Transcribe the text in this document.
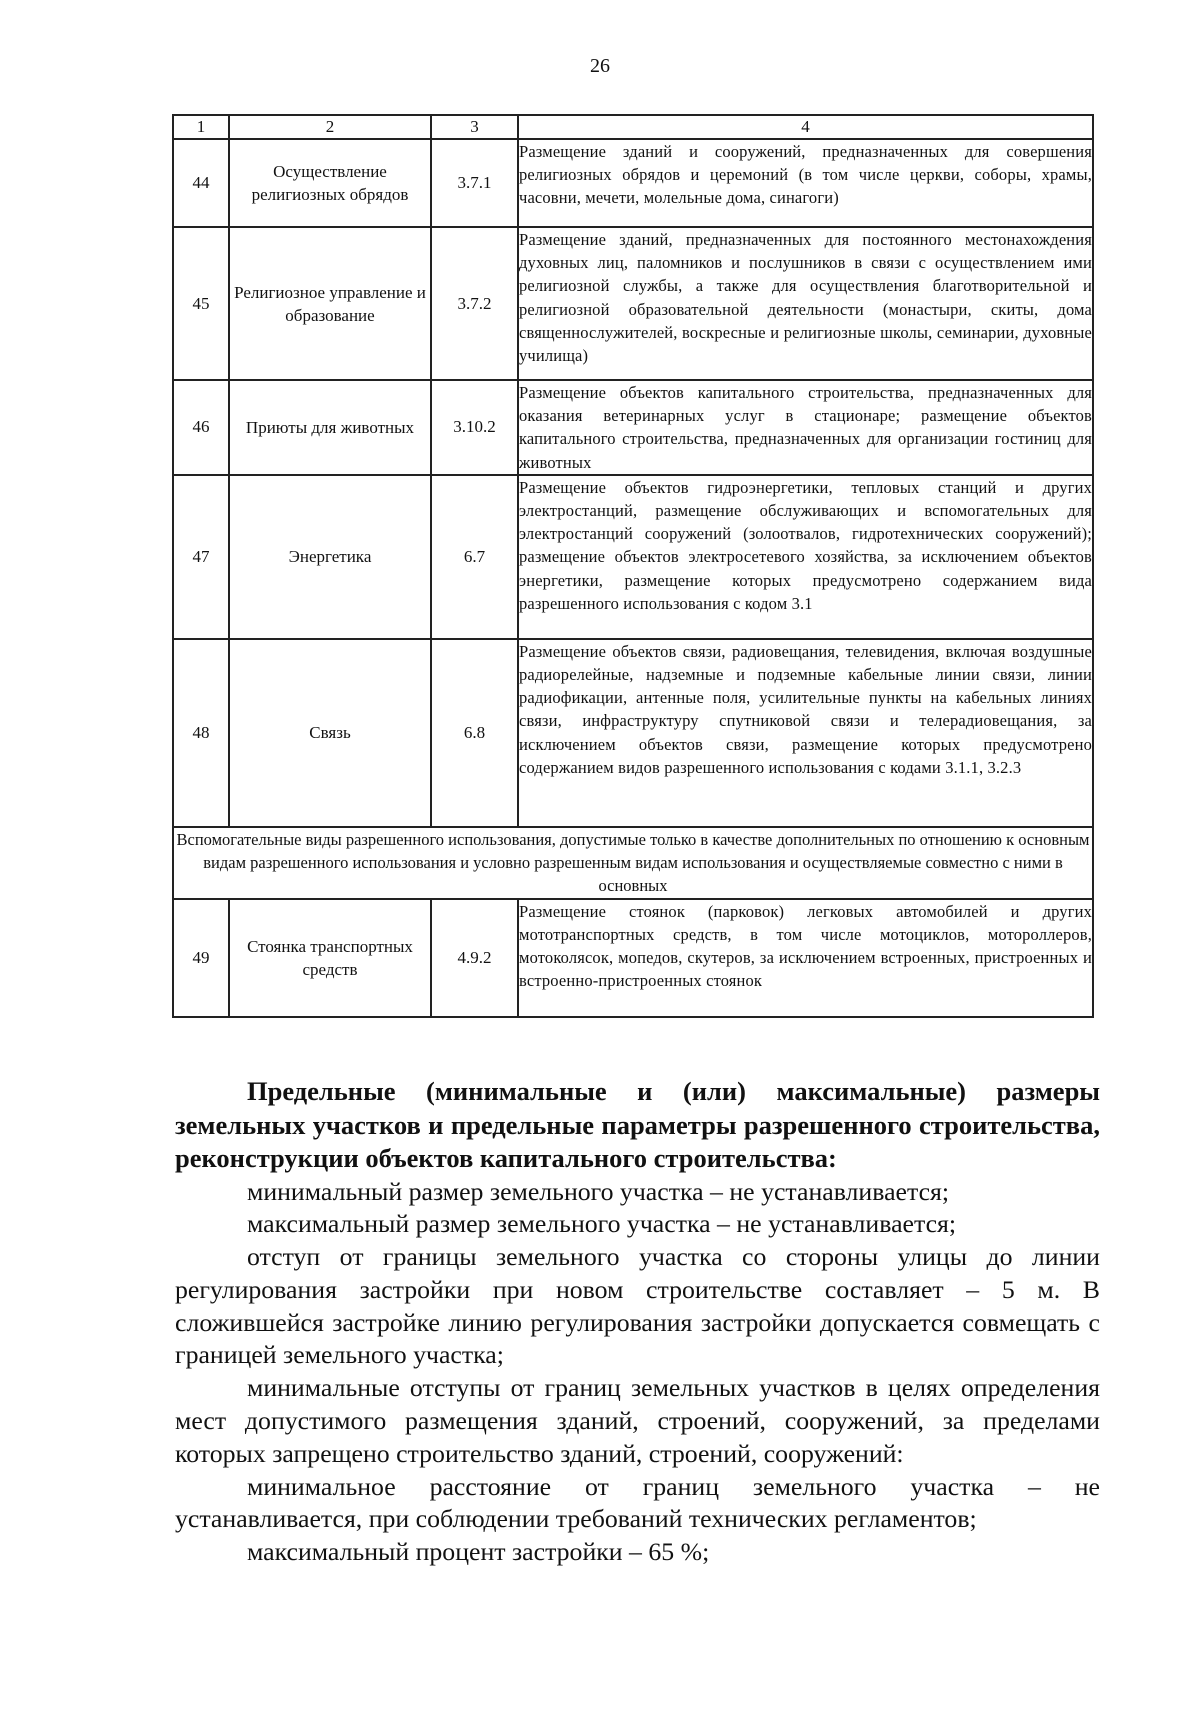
26
1	2	3	4
44	Осуществление религиозных обрядов	3.7.1	Размещение зданий и сооружений, предназначенных для совершения религиозных обрядов и церемоний (в том числе церкви, соборы, храмы, часовни, мечети, молельные дома, синагоги)
45	Религиозное управление и образование	3.7.2	Размещение зданий, предназначенных для постоянного местонахождения духовных лиц, паломников и послушников в связи с осуществлением ими религиозной службы, а также для осуществления благотворительной и религиозной образовательной деятельности (монастыри, скиты, дома священнослужителей, воскресные и религиозные школы, семинарии, духовные училища)
46	Приюты для животных	3.10.2	Размещение объектов капитального строительства, предназначенных для оказания ветеринарных услуг в стационаре; размещение объектов капитального строительства, предназначенных для организации гостиниц для животных
47	Энергетика	6.7	Размещение объектов гидроэнергетики, тепловых станций и других электростанций, размещение обслуживающих и вспомогательных для электростанций сооружений (золоотвалов, гидротехнических сооружений); размещение объектов электросетевого хозяйства, за исключением объектов энергетики, размещение которых предусмотрено содержанием вида разрешенного использования с кодом 3.1
48	Связь	6.8	Размещение объектов связи, радиовещания, телевидения, включая воздушные радиорелейные, надземные и подземные кабельные линии связи, линии радиофикации, антенные поля, усилительные пункты на кабельных линиях связи, инфраструктуру спутниковой связи и телерадиовещания, за исключением объектов связи, размещение которых предусмотрено содержанием видов разрешенного использования с кодами 3.1.1, 3.2.3
Вспомогательные виды разрешенного использования, допустимые только в качестве дополнительных по отношению к основным видам разрешенного использования и условно разрешенным видам использования и осуществляемые совместно с ними в основных			
49	Стоянка транспортных средств	4.9.2	Размещение стоянок (парковок) легковых автомобилей и других мототранспортных средств, в том числе мотоциклов, мотороллеров, мотоколясок, мопедов, скутеров, за исключением встроенных, пристроенных и встроенно-пристроенных стоянок

Предельные (минимальные и (или) максимальные) размеры земельных участков и предельные параметры разрешенного строительства, реконструкции объектов капитального строительства:

минимальный размер земельного участка – не устанавливается;

максимальный размер земельного участка – не устанавливается;

отступ от границы земельного участка со стороны улицы до линии регулирования застройки при новом строительстве составляет – 5 м. В сложившейся застройке линию регулирования застройки допускается совмещать с границей земельного участка;

минимальные отступы от границ земельных участков в целях определения мест допустимого размещения зданий, строений, сооружений, за пределами которых запрещено строительство зданий, строений, сооружений:

минимальное расстояние от границ земельного участка – не устанавливается, при соблюдении требований технических регламентов;

максимальный процент застройки – 65 %;
